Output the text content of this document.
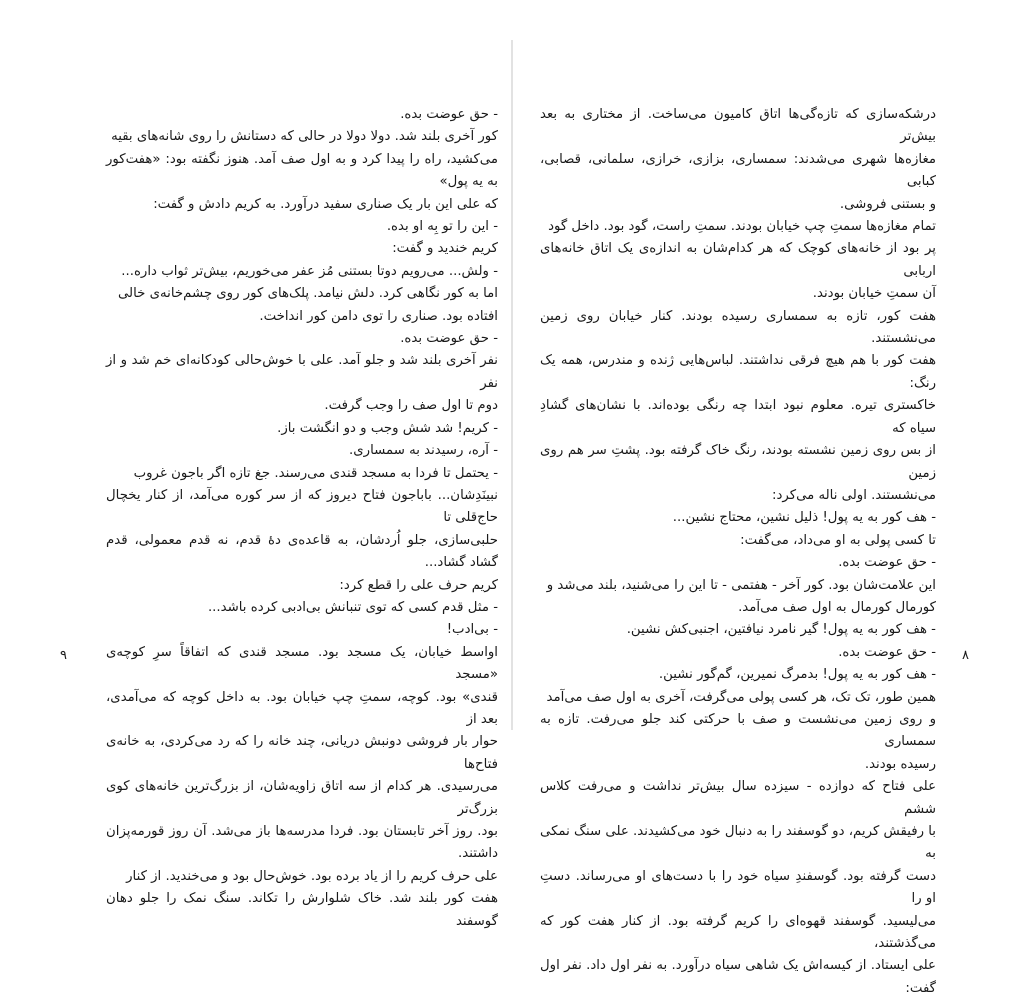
- حق عوضت بده.

کور آخری بلند شد. دولا دولا در حالی که دستانش را روی شانه‌های بقیه

می‌کشید، راه را پیدا کرد و به اول صف آمد. هنوز نگفته بود: «هفت‌کور به یه پول»

که علی این بار یک صناری سفید درآورد. به کریم دادش و گفت:

- این را تو بِه او بده.

کریم خندید و گفت:

- ولش... می‌رویم دوتا بستنی مُز عفر می‌خوریم، بیش‌تر ثواب داره...

اما به کور نگاهی کرد. دلش نیامد. پلک‌های کور روی چشم‌خانه‌ی خالی

افتاده بود. صناری را توی دامن کور انداخت.

- حق عوضت بده.

نفر آخری بلند شد و جلو آمد. علی با خوش‌حالی کودکانه‌ای خم شد و از نفر

دوم تا اول صف را وجب گرفت.

- کریم! شد شش وجب و دو انگشت باز.

- آره، رسیدند به سمساری.

- یحتمل تا فردا به مسجد قندی می‌رسند. جغ تازه اگر باجون غروب

نبینَدِشان... باباجون فتاح دیروز که از سر کوره می‌آمد، از کنار یخچال حاج‌قلی تا

حلبی‌سازی، جلو اُردشان، به قاعده‌ی دهٔ قدم، نه قدم معمولی، قدم گشاد گشاد...

کریم حرف علی را قطع کرد:

- مثل قدم کسی که توی تنبانش بی‌ادبی کرده باشد...

- بی‌ادب!

اواسط خیابان، یک مسجد بود. مسجد قندی که اتفاقاً سرِ کوچه‌ی «مسجد

قندی» بود. کوچه، سمتِ چپ خیابان بود. به داخل کوچه که می‌آمدی، بعد از

حوار بار فروشی دونبش دریانی، چند خانه را که رد می‌کردی، به خانه‌ی فتاح‌ها

می‌رسیدی. هر کدام از سه اتاق زاویه‌شان، از بزرگ‌ترین خانه‌های کوی بزرگ‌تر

بود. روز آخر تابستان بود. فردا مدرسه‌ها باز می‌شد. آن روز قورمه‌پزان داشتند.

علی حرف کریم را از یاد برده بود. خوش‌حال بود و می‌خندید. از کنار

هفت کور بلند شد. خاک شلوارش را تکاند. سنگ نمک را جلو دهان گوسفند

درشکه‌سازی که تازه‌گی‌ها اتاق کامیون می‌ساخت. از مختاری به بعد بیش‌تر

مغازه‌ها شهری می‌شدند: سمساری، بزازی، خرازی، سلمانی، قصابی، کبابی

و بستنی فروشی.

تمام مغازه‌ها سمتِ چپ خیابان بودند. سمتِ راست، گود بود. داخل گود

پر بود از خانه‌های کوچک که هر کدام‌شان به اندازه‌ی یک اتاق خانه‌های اربابی

آن سمتِ خیابان بودند.

هفت کور، تازه به سمساری رسیده بودند. کنار خیابان روی زمین می‌نشستند.

هفت کور با هم هیچ فرقی نداشتند. لباس‌هایی ژنده و مندرس، همه یک رنگ:

خاکستری تیره. معلوم نبود ابتدا چه رنگی بوده‌اند. با نشان‌های گشادِ سیاه که

از بس روی زمین نشسته بودند، رنگ خاک گرفته بود. پشتِ سر هم روی زمین

می‌نشستند. اولی ناله می‌کرد:

- هف کور به یه پول! ذلیل نشین، محتاج نشین...

تا کسی پولی به او می‌داد، می‌گفت:

- حق عوضت بده.

این علامت‌شان بود. کور آخر - هفتمی - تا این را می‌شنید، بلند می‌شد و

کورمال کورمال به اول صف می‌آمد.

- هف کور به یه پول! گیر نامرد نیافتین، اجنبی‌کش نشین.

- حق عوضت بده.

- هف کور به یه پول! بدمرگ نمیرین، گم‌گور نشین.

همین طور، تک تک، هر کسی پولی می‌گرفت، آخری به اول صف می‌آمد

و روی زمین می‌نشست و صف با حرکتی کند جلو می‌رفت. تازه به سمساری

رسیده بودند.

علی فتاح که دوازده - سیزده سال بیش‌تر نداشت و می‌رفت کلاس ششم

با رفیقش کریم، دو گوسفند را به دنبال خود می‌کشیدند. علی سنگ نمکی به

دست گرفته بود. گوسفندِ سیاه خود را با دست‌های او می‌رساند. دستِ او را

می‌لیسید. گوسفند قهوه‌ای را کریم گرفته بود. از کنار هفت کور که می‌گذشتند،

علی ایستاد. از کیسه‌اش یک شاهی سیاه درآورد. به نفر اول داد. نفر اول گفت:

۹	۸
